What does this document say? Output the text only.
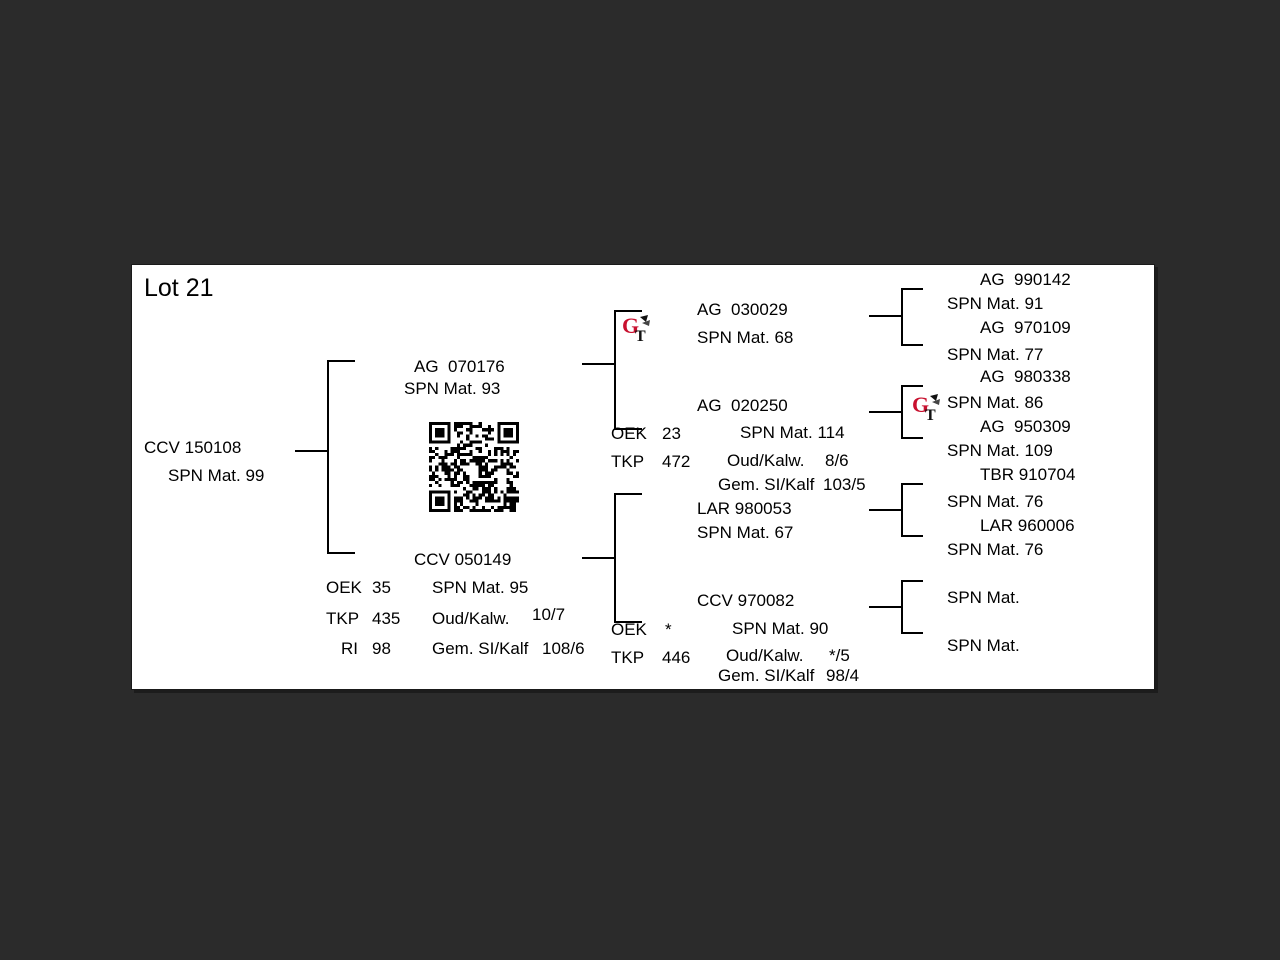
Lot 21
CCV 150108
SPN Mat. 99
AG  070176
SPN Mat. 93
CCV 050149
SPN Mat. 95
OEK 35
TKP 435
RI 98
Oud/Kalw. 10/7
Gem. SI/Kalf 108/6
G
T
AG  030029
SPN Mat. 68
AG  020250
SPN Mat. 114
OEK 23
TKP 472 Oud/Kalw. 8/6
Gem. SI/Kalf 103/5
LAR 980053
SPN Mat. 67
CCV 970082
SPN Mat. 90
OEK *
TKP 446 Oud/Kalw. */5
Gem. SI/Kalf 98/4
AG  990142
SPN Mat. 91
AG  970109
SPN Mat. 77
AG  980338
G
T
SPN Mat. 86
AG  950309
SPN Mat. 109
TBR 910704
SPN Mat. 76
LAR 960006
SPN Mat. 76
SPN Mat.
SPN Mat.
